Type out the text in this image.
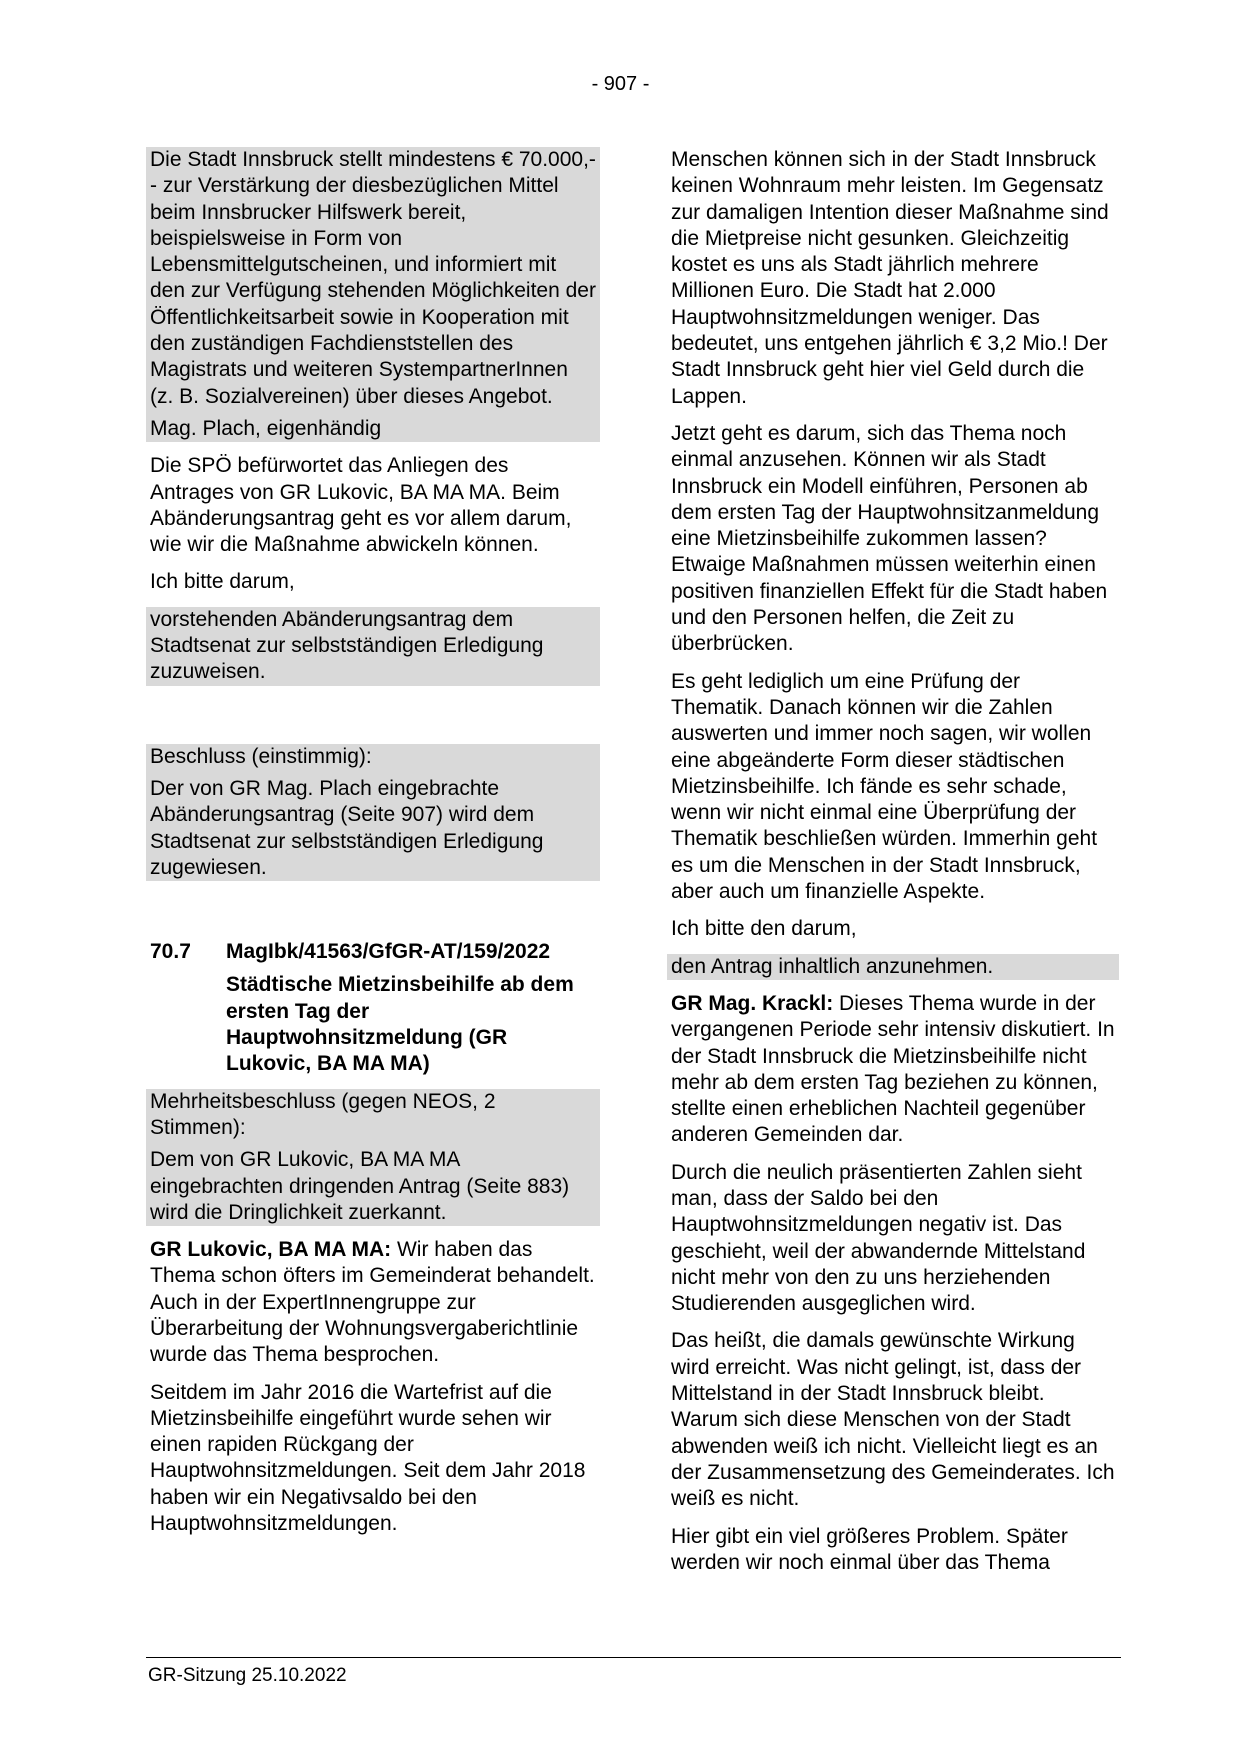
- 907 -

Die Stadt Innsbruck stellt mindestens € 70.000,-- zur Verstärkung der diesbezüglichen Mittel beim Innsbrucker Hilfswerk bereit, beispielsweise in Form von Lebensmittelgutscheinen, und informiert mit den zur Verfügung stehenden Möglichkeiten der Öffentlichkeitsarbeit sowie in Kooperation mit den zuständigen Fachdienststellen des Magistrats und weiteren SystempartnerInnen (z. B. Sozialvereinen) über dieses Angebot.

Mag. Plach, eigenhändig

Die SPÖ befürwortet das Anliegen des Antrages von GR Lukovic, BA MA MA. Beim Abänderungsantrag geht es vor allem darum, wie wir die Maßnahme abwickeln können.

Ich bitte darum,

vorstehenden Abänderungsantrag dem Stadtsenat zur selbstständigen Erledigung zuzuweisen.

Beschluss (einstimmig):

Der von GR Mag. Plach eingebrachte Abänderungsantrag (Seite 907) wird dem Stadtsenat zur selbstständigen Erledigung zugewiesen.

70.7	MagIbk/41563/GfGR-AT/159/2022

Städtische Mietzinsbeihilfe ab dem ersten Tag der Hauptwohnsitzmeldung (GR Lukovic, BA MA MA)

Mehrheitsbeschluss (gegen NEOS, 2 Stimmen):

Dem von GR Lukovic, BA MA MA eingebrachten dringenden Antrag (Seite 883) wird die Dringlichkeit zuerkannt.

GR Lukovic, BA MA MA: Wir haben das Thema schon öfters im Gemeinderat behandelt. Auch in der ExpertInnengruppe zur Überarbeitung der Wohnungsvergaberichtlinie wurde das Thema besprochen.

Seitdem im Jahr 2016 die Wartefrist auf die Mietzinsbeihilfe eingeführt wurde sehen wir einen rapiden Rückgang der Hauptwohnsitzmeldungen. Seit dem Jahr 2018 haben wir ein Negativsaldo bei den Hauptwohnsitzmeldungen.

Menschen können sich in der Stadt Innsbruck keinen Wohnraum mehr leisten. Im Gegensatz zur damaligen Intention dieser Maßnahme sind die Mietpreise nicht gesunken. Gleichzeitig kostet es uns als Stadt jährlich mehrere Millionen Euro. Die Stadt hat 2.000 Hauptwohnsitzmeldungen weniger. Das bedeutet, uns entgehen jährlich € 3,2 Mio.! Der Stadt Innsbruck geht hier viel Geld durch die Lappen.

Jetzt geht es darum, sich das Thema noch einmal anzusehen. Können wir als Stadt Innsbruck ein Modell einführen, Personen ab dem ersten Tag der Hauptwohnsitzanmeldung eine Mietzinsbeihilfe zukommen lassen? Etwaige Maßnahmen müssen weiterhin einen positiven finanziellen Effekt für die Stadt haben und den Personen helfen, die Zeit zu überbrücken.

Es geht lediglich um eine Prüfung der Thematik. Danach können wir die Zahlen auswerten und immer noch sagen, wir wollen eine abgeänderte Form dieser städtischen Mietzinsbeihilfe. Ich fände es sehr schade, wenn wir nicht einmal eine Überprüfung der Thematik beschließen würden. Immerhin geht es um die Menschen in der Stadt Innsbruck, aber auch um finanzielle Aspekte.

Ich bitte den darum,

den Antrag inhaltlich anzunehmen.

GR Mag. Krackl: Dieses Thema wurde in der vergangenen Periode sehr intensiv diskutiert. In der Stadt Innsbruck die Mietzinsbeihilfe nicht mehr ab dem ersten Tag beziehen zu können, stellte einen erheblichen Nachteil gegenüber anderen Gemeinden dar.

Durch die neulich präsentierten Zahlen sieht man, dass der Saldo bei den Hauptwohnsitzmeldungen negativ ist. Das geschieht, weil der abwandernde Mittelstand nicht mehr von den zu uns herziehenden Studierenden ausgeglichen wird.

Das heißt, die damals gewünschte Wirkung wird erreicht. Was nicht gelingt, ist, dass der Mittelstand in der Stadt Innsbruck bleibt. Warum sich diese Menschen von der Stadt abwenden weiß ich nicht. Vielleicht liegt es an der Zusammensetzung des Gemeinderates. Ich weiß es nicht.

Hier gibt ein viel größeres Problem. Später werden wir noch einmal über das Thema

GR-Sitzung 25.10.2022
